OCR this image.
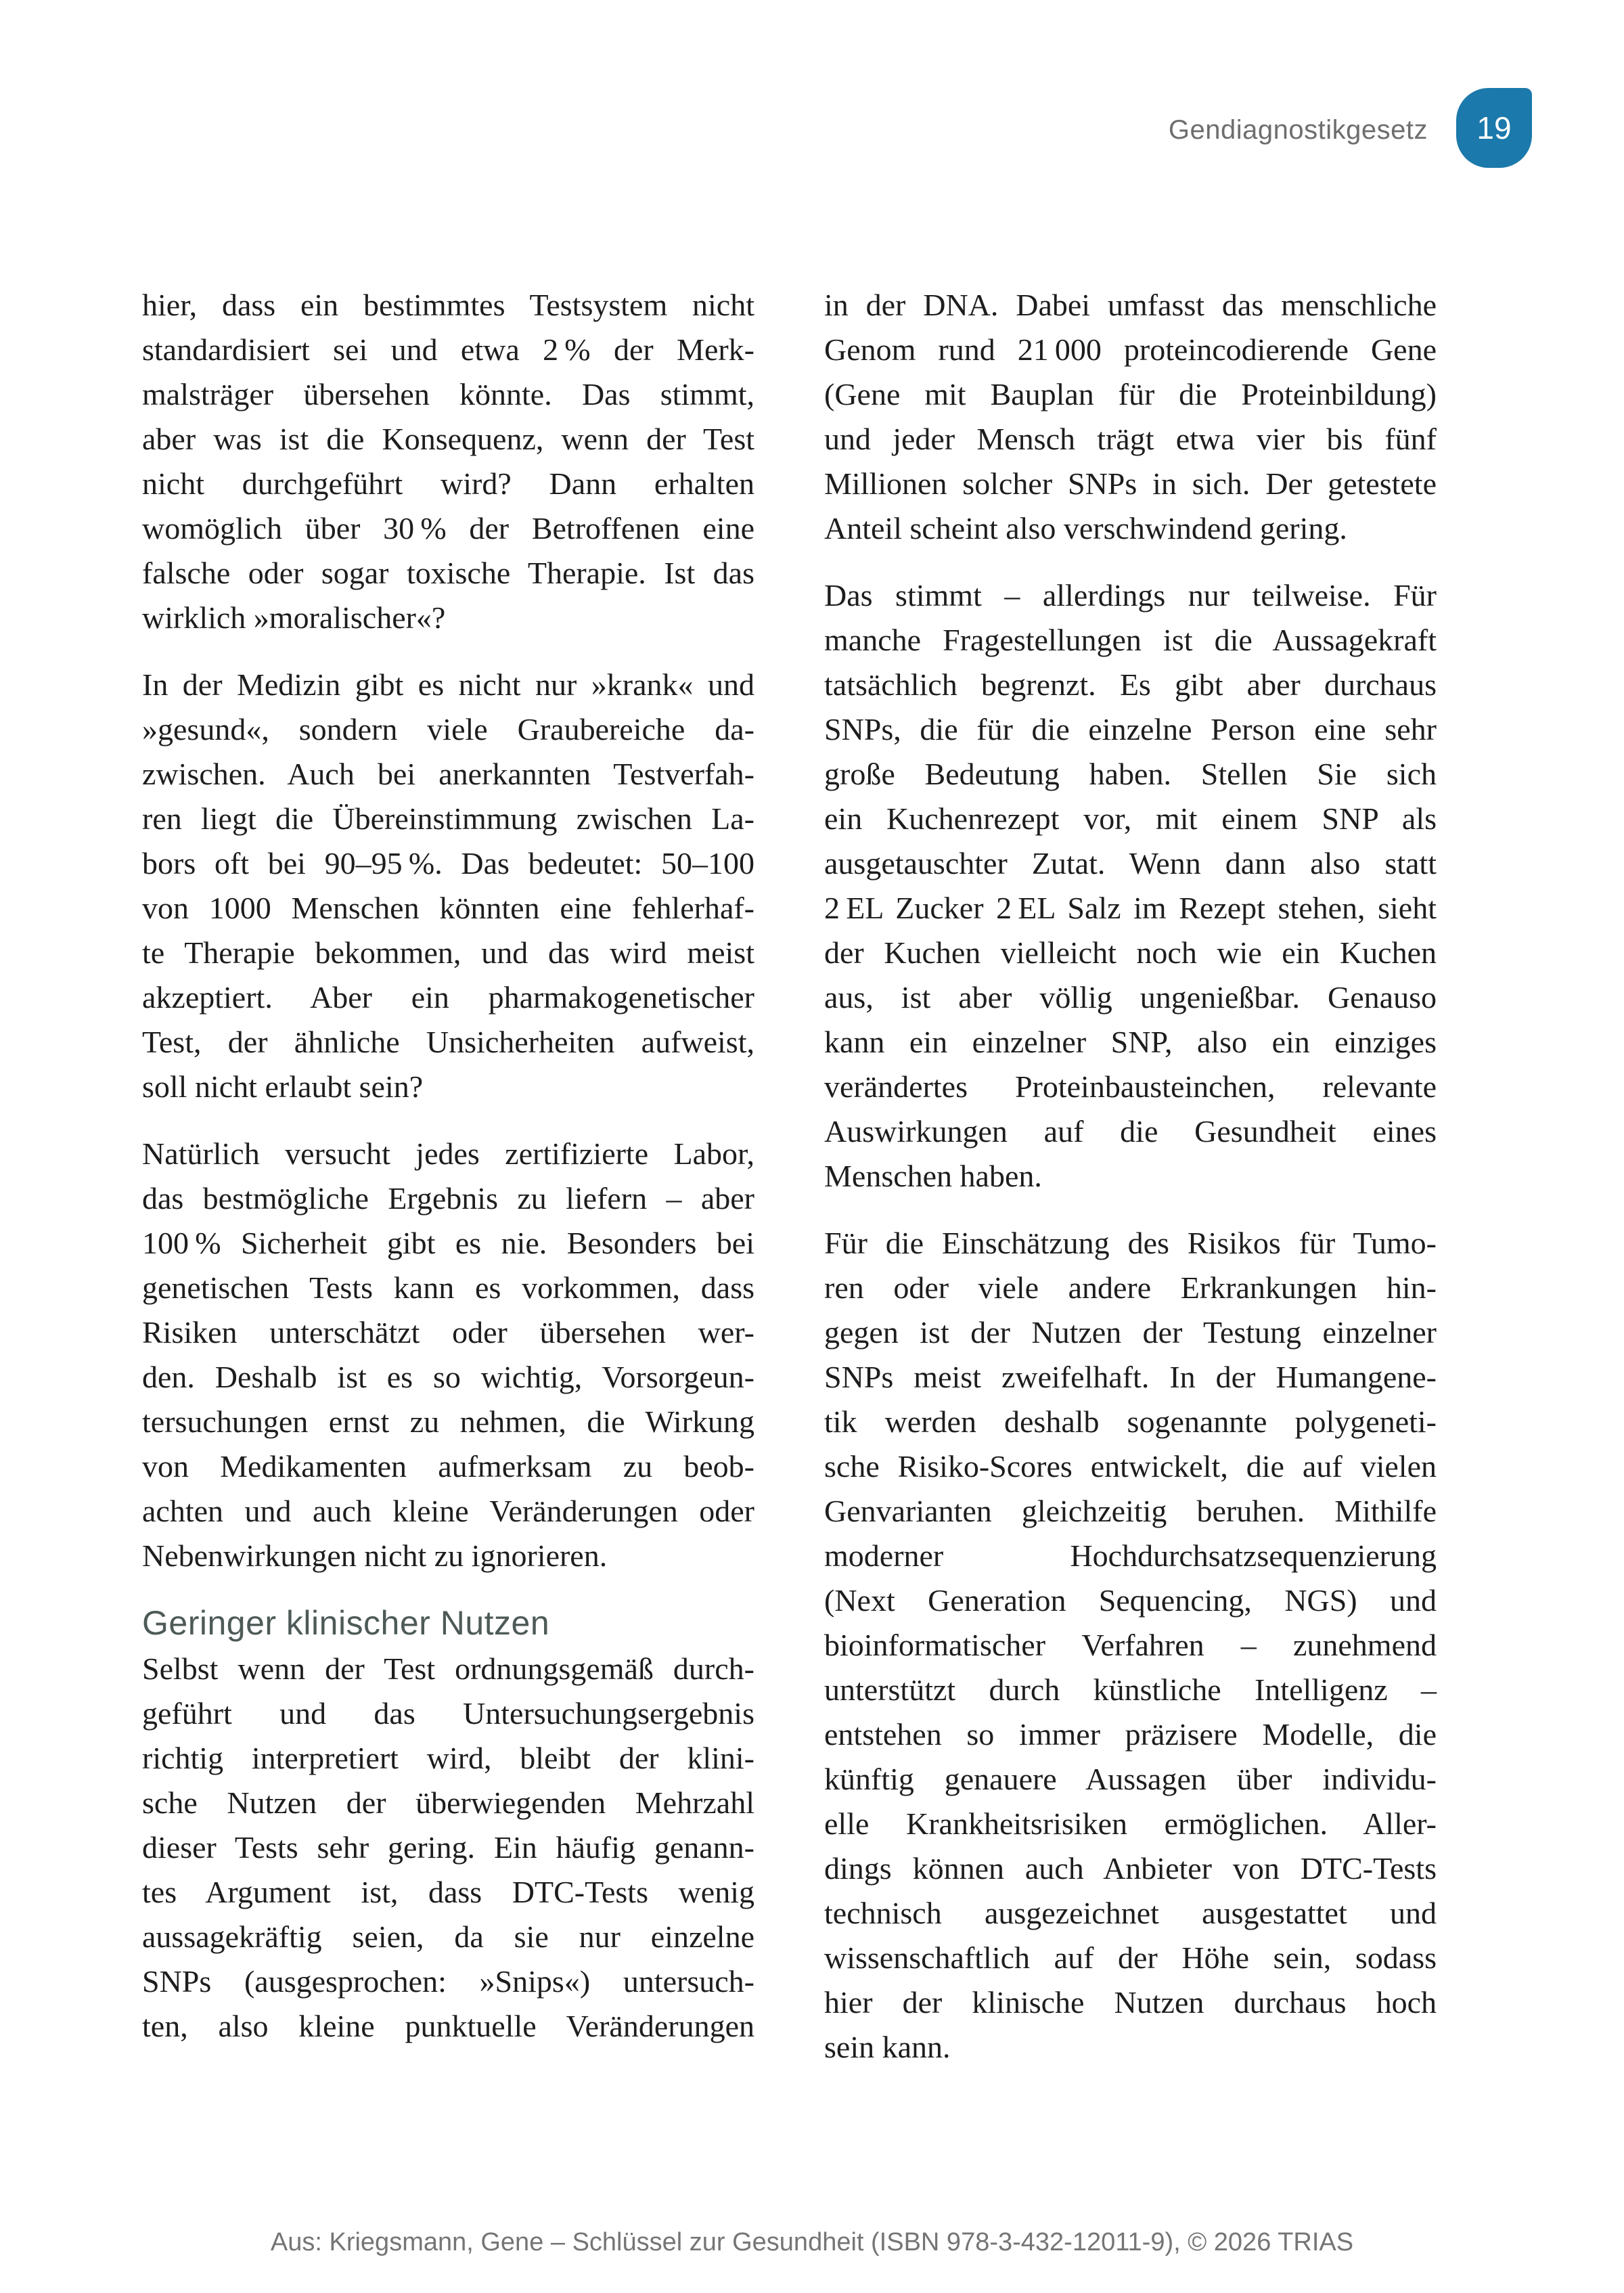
Gendiagnostikgesetz 19
hier, dass ein bestimmtes Testsystem nicht
standardisiert sei und etwa 2 % der Merk-
malsträger übersehen könnte. Das stimmt,
aber was ist die Konsequenz, wenn der Test
nicht durchgeführt wird? Dann erhalten
womöglich über 30 % der Betroffenen eine
falsche oder sogar toxische Therapie. Ist das
wirklich »moralischer«?
In der Medizin gibt es nicht nur »krank« und
»gesund«, sondern viele Graubereiche da-
zwischen. Auch bei anerkannten Testverfah-
ren liegt die Übereinstimmung zwischen La-
bors oft bei 90–95 %. Das bedeutet: 50–100
von 1000 Menschen könnten eine fehlerhaf-
te Therapie bekommen, und das wird meist
akzeptiert. Aber ein pharmakogenetischer
Test, der ähnliche Unsicherheiten aufweist,
soll nicht erlaubt sein?
Natürlich versucht jedes zertifizierte Labor,
das bestmögliche Ergebnis zu liefern – aber
100 % Sicherheit gibt es nie. Besonders bei
genetischen Tests kann es vorkommen, dass
Risiken unterschätzt oder übersehen wer-
den. Deshalb ist es so wichtig, Vorsorgeun-
tersuchungen ernst zu nehmen, die Wirkung
von Medikamenten aufmerksam zu beob-
achten und auch kleine Veränderungen oder
Nebenwirkungen nicht zu ignorieren.
Geringer klinischer Nutzen
Selbst wenn der Test ordnungsgemäß durch-
geführt und das Untersuchungsergebnis
richtig interpretiert wird, bleibt der klini-
sche Nutzen der überwiegenden Mehrzahl
dieser Tests sehr gering. Ein häufig genann-
tes Argument ist, dass DTC-Tests wenig
aussagekräftig seien, da sie nur einzelne
SNPs (ausgesprochen: »Snips«) untersuch-
ten, also kleine punktuelle Veränderungen
in der DNA. Dabei umfasst das menschliche
Genom rund 21 000 proteincodierende Gene
(Gene mit Bauplan für die Proteinbildung)
und jeder Mensch trägt etwa vier bis fünf
Millionen solcher SNPs in sich. Der getestete
Anteil scheint also verschwindend gering.
Das stimmt – allerdings nur teilweise. Für
manche Fragestellungen ist die Aussagekraft
tatsächlich begrenzt. Es gibt aber durchaus
SNPs, die für die einzelne Person eine sehr
große Bedeutung haben. Stellen Sie sich
ein Kuchenrezept vor, mit einem SNP als
ausgetauschter Zutat. Wenn dann also statt
2 EL Zucker 2 EL Salz im Rezept stehen, sieht
der Kuchen vielleicht noch wie ein Kuchen
aus, ist aber völlig ungenießbar. Genauso
kann ein einzelner SNP, also ein einziges
verändertes Proteinbausteinchen, relevante
Auswirkungen auf die Gesundheit eines
Menschen haben.
Für die Einschätzung des Risikos für Tumo-
ren oder viele andere Erkrankungen hin-
gegen ist der Nutzen der Testung einzelner
SNPs meist zweifelhaft. In der Humangene-
tik werden deshalb sogenannte polygeneti-
sche Risiko-Scores entwickelt, die auf vielen
Genvarianten gleichzeitig beruhen. Mithilfe
moderner Hochdurchsatzsequenzierung
(Next Generation Sequencing, NGS) und
bioinformatischer Verfahren – zunehmend
unterstützt durch künstliche Intelligenz –
entstehen so immer präzisere Modelle, die
künftig genauere Aussagen über individu-
elle Krankheitsrisiken ermöglichen. Aller-
dings können auch Anbieter von DTC-Tests
technisch ausgezeichnet ausgestattet und
wissenschaftlich auf der Höhe sein, sodass
hier der klinische Nutzen durchaus hoch
sein kann.
Aus: Kriegsmann, Gene – Schlüssel zur Gesundheit (ISBN 978-3-432-12011-9), © 2026 TRIAS
